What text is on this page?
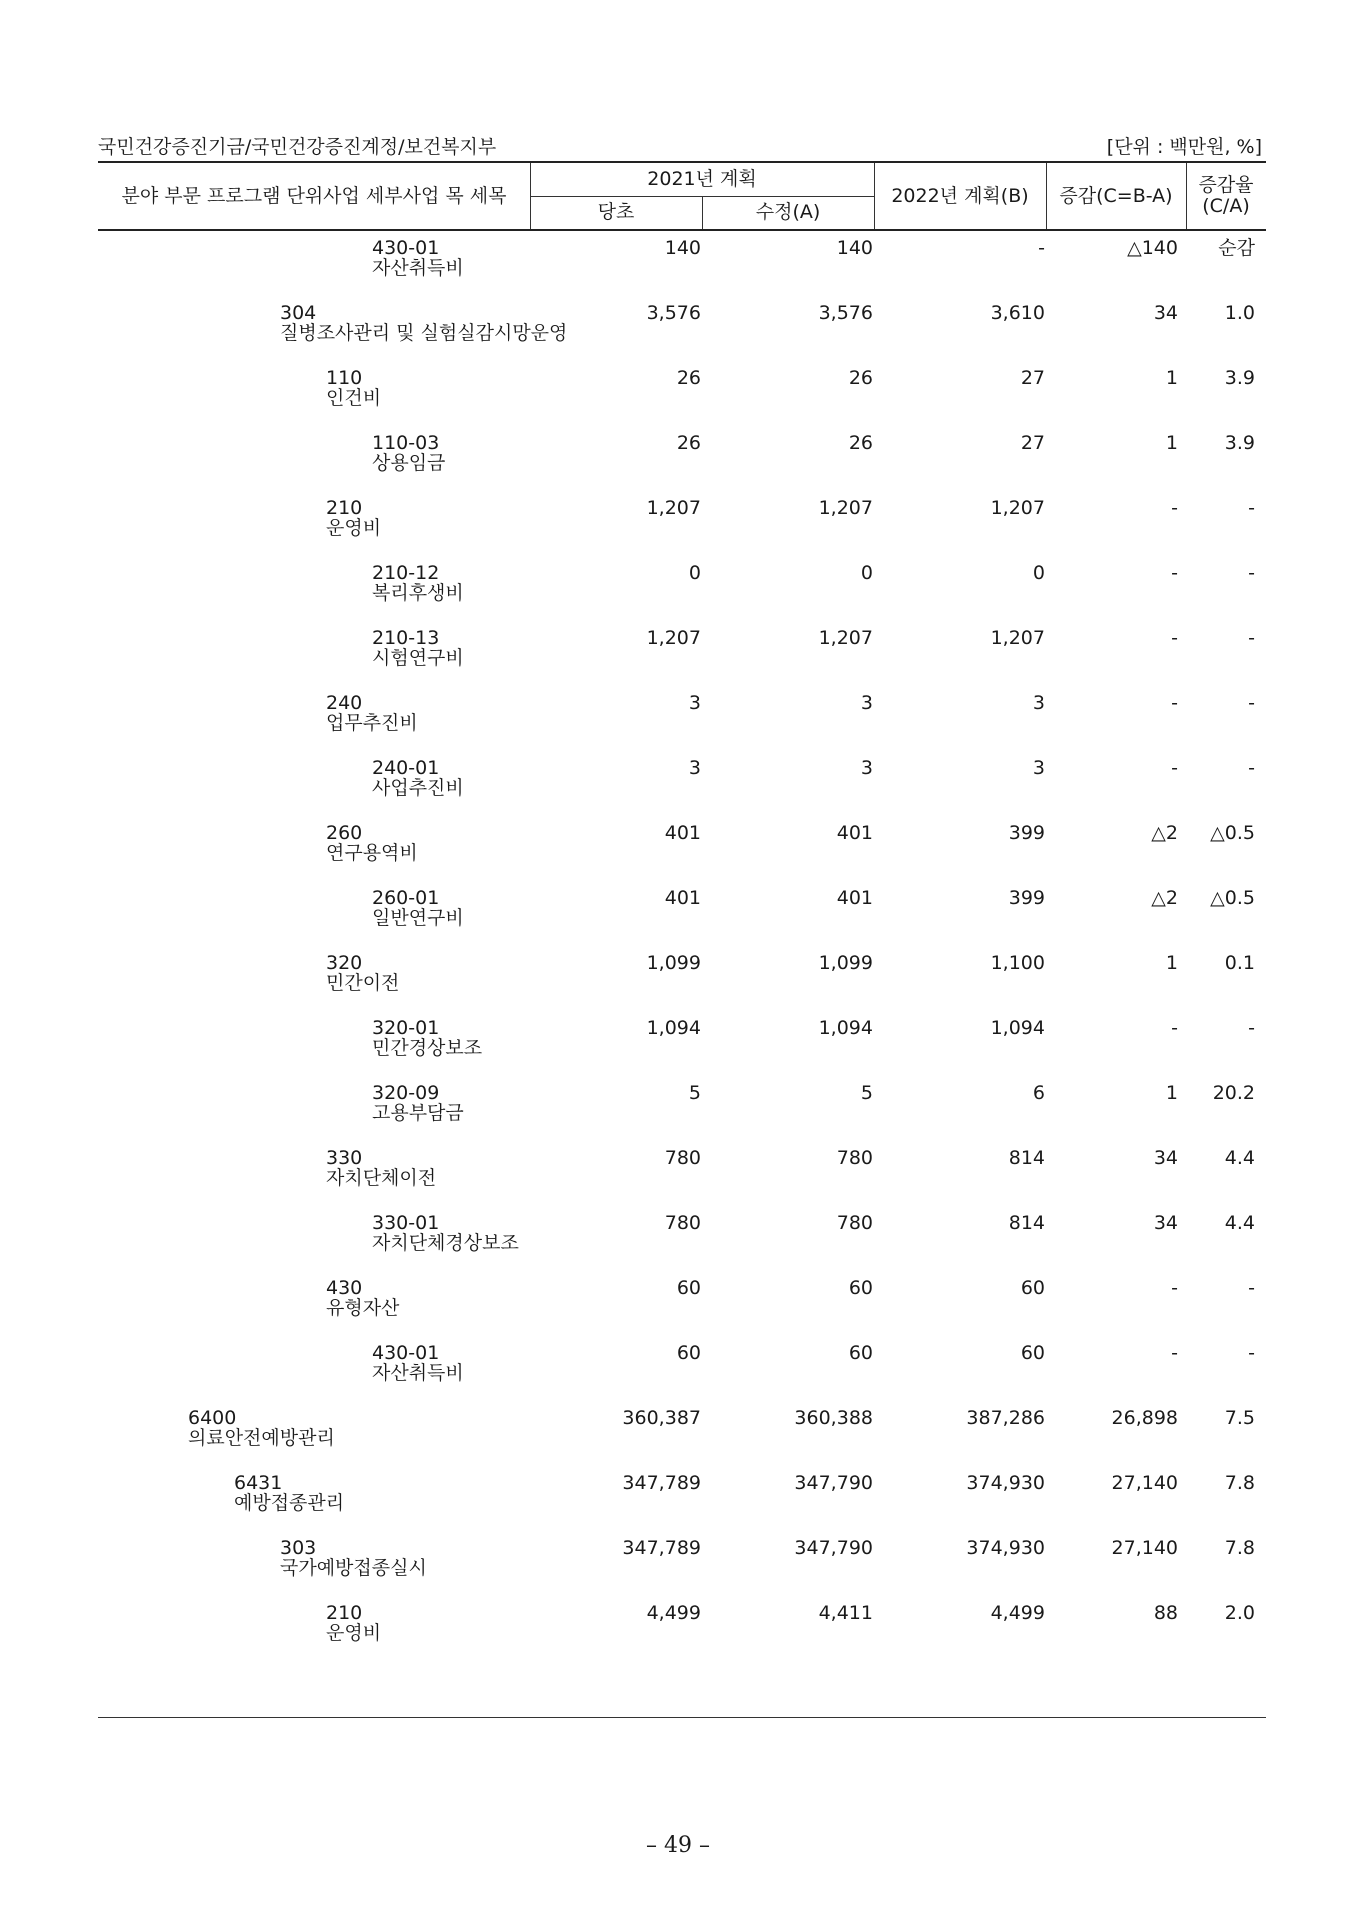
국민건강증진기금/국민건강증진계정/보건복지부	[단위 : 백만원, %]
분야 부문 프로그램 단위사업 세부사업 목 세목
2021년 계획
당초	수정(A)
2022년 계획(B)	증감(C=B-A)	증감율
(C/A)
430-01
자산취득비
140	140	-	△140	순감
304
질병조사관리 및 실험실감시망운영
3,576	3,576	3,610	34	1.0
110
인건비
26	26	27	1	3.9
110-03
상용임금
26	26	27	1	3.9
210
운영비
1,207	1,207	1,207	-	-
210-12
복리후생비
0	0	0	-	-
210-13
시험연구비
1,207	1,207	1,207	-	-
240
업무추진비
3	3	3	-	-
240-01
사업추진비
3	3	3	-	-
260
연구용역비
401	401	399	△2	△0.5
260-01
일반연구비
401	401	399	△2	△0.5
320
민간이전
1,099	1,099	1,100	1	0.1
320-01
민간경상보조
1,094	1,094	1,094	-	-
320-09
고용부담금
5	5	6	1	20.2
330
자치단체이전
780	780	814	34	4.4
330-01
자치단체경상보조
780	780	814	34	4.4
430
유형자산
60	60	60	-	-
430-01
자산취득비
60	60	60	-	-
6400
의료안전예방관리
360,387	360,388	387,286	26,898	7.5
6431
예방접종관리
347,789	347,790	374,930	27,140	7.8
303
국가예방접종실시
347,789	347,790	374,930	27,140	7.8
210
운영비
4,499	4,411	4,499	88	2.0
– 49 –
